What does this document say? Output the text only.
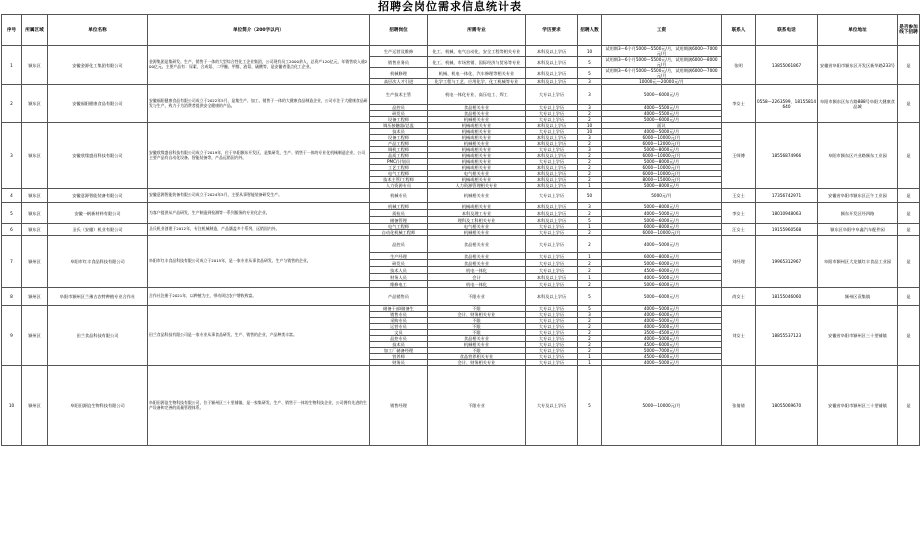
招聘会岗位需求信息统计表
序号	所属区域	单位名称	单位简介（200字以内）	招聘岗位	所需专业	学历要求	招聘人数	工资	联系人	联系电话	单位地址	是否参加线下招聘
1	颍东区	安徽金源化工集团有限公司	金源集团是集研发、生产、销售于一体的大型综合性化工企业集团，公司现有员工2000余人，总资产120亿元，年销售收入逾200亿元。主要产品有：尿素、合成氨、二甲醚、甲醇、液氨、硫酸等，是安徽省重点化工企业。	生产运营及维修	化工、机械、电气自动化、安全工程等相关专业	本科及以上学历	10	试用期3—6个月5000—5500元/月，试用期满6000—7000元/月	张明	13855061867	安徽省阜阳市颍东区开发区新华路233号	是
				销售业务员	化工、机械、市场营销、国际经济与贸易等专业	本科及以上学历	5	试用期3—6个月5000—5500元/月，试用期满6000—8000元/月				
				机械修理	机械、机电一体化、汽车修理等相关专业	本科及以上学历	5	试用期3—6个月5000—5500元/月，试用期满6000—7000元/月				
				高层次人才引进	化学工程与工艺、应用化学、化工机械等专业	本科及以上学历	3	10000元—20000元/月				
2	颍东区	安徽福阳健康食品有限公司	安徽福阳健康食品有限公司成立于2022年5月，是集生产、加工、销售于一体的大健康食品制造企业，公司专注于大健康食品研发与生产，致力于为消费者提供安全健康的产品。	生产技术主管	机电一体化专业、高压电工、焊工	大专以上学历	3	5000—6000元/月	李女士	0558—2263599、18155814640	阜阳市颍东区东方路888号阜阳大健康食品城	是
				品控员	食品相关专业	大专以上学历	3	4000—5500元/月				
				研发员	食品相关专业	大专以上学历	2	4000—5500元/月				
				设备工程师	机械相关专业	大专以上学历	2	5000—6000元/月				
3	颍东区	安徽欣缘盛昌科技有限公司	安徽欣缘盛昌科技有限公司成立于2019年，位于阜阳颍东开发区，是集研发、生产、销售于一体的专业化机械制造企业，公司主要产品有自动化设备、智能装备等，产品远销国内外。	调压接触器/总监	机械或相关专业	本科及以上学历	10	面议	王师傅	18556874966	阜阳市颍东区兴业路颍东工业园	是
				技术员	机械或相关专业	大专以上学历	10	4000—5000元/月				
				设备工程师	机械或相关专业	本科及以上学历	3	6000—10000元/月				
				产品工程师	机械相关专业	本科及以上学历	2	6000—12000元/月				
				调机工程师	机械或相关专业	大专以上学历	3	5000—8000元/月				
				品质工程师	机械或相关专业	本科及以上学历	2	6000—10000元/月				
				PMC/计划员	机械或相关专业	大专以上学历	2	5000—8000元/月				
				工艺工程师	机械或相关专业	本科及以上学历	2	6000—10000元/月				
				电气工程师	电气相关专业	本科及以上学历	2	6000—10000元/月				
				技术主管/工程师	机械或相关专业	本科及以上学历	2	8000—15000元/月				
				人力资源专员	人力资源管理相关专业	本科及以上学历	1	5000—8000元/月				
4	颍东区	安徽意源智能装备有限公司	安徽意源智能装备有限公司成立于2024年5月，主要从事智能装备研发生产。	机械专员	机械相关专业	大专以上学历	50	5000元/月	王女士	17356742971	安徽省阜阳市颍东区正午工业园	是
5	颍东区	安徽一帆新材料有限公司	为客户提供从产品研发、生产制造到检测等一系列服务的专业化企业。	机械工程师	机械或相关专业	本科及以上学历	3	5000—8000元/月	李女士	18010948063	颍东开发区经四路	是
				质检员	本科及理工专业	本科及以上学历	2	4000—5000元/月				
				储备管理	理科及工科相关专业	本科及以上学历	5	5000—6000元/月				
6	颍东区	圣氏（安徽）机业有限公司	圣氏机业创建于2012年，专注机械制造，产品涵盖多个系列，远销国内外。	电气工程师	电气相关专业	大专以上学历	1	6000—8000元/月	汪女士	19155960568	颍东区阜阳中阜鑫汽车配件园	是
				自动化机械工程师	机械相关专业	大专以上学历	2	6000—10000元/月				
7	颍州区	阜阳市红丰食品科技有限公司	阜阳市红丰食品科技有限公司成立于2015年，是一家专业从事食品研发、生产与销售的企业。	品控员	食品相关专业	大专以上学历	2	4000—5000元/月	刘经理	19965312967	阜阳市颍州区大龙镇红丰食品工业园	是
				生产经理	食品相关专业	大专以上学历	1	6000—8000元/月				
				研发员	食品相关专业	大专以上学历	2	5000—6000元/月				
				技术人员	机电一体化	大专以上学历	2	4500—6000元/月				
				财务人员	会计	本科及以上学历	1	4000—5000元/月				
				维修电工	机电一体化	大专以上学历	2	5000—6000元/月				
8	颍州区	阜阳市颍州区兰豫古农特种植专业合作社	合作社注册于2021年，以种植为主，带动周边农户增收致富。	产品销售员	不限专业	本科及以上学历	5	5000—6000元/月	尚女士	18155046060	颍州区袁集镇	是
9	颍州区	田兰食品科技有限公司	田兰食品科技有限公司是一家专业从事食品研发、生产、销售的企业，产品种类丰富。	储备干部/储备生	不限	大专以上学历	5	4000—5000元/月	刘女士	18855537123	安徽省阜阳市颍州区三十里铺镇	是
				销售专员	会计、财务相关专业	大专以上学历	3	4000—6000元/月				
				采购专员	不限	大专以上学历	2	4000—5000元/月				
				运营专员	不限	大专以上学历	2	4000—5000元/月				
				文员	不限	大专以上学历	2	3500—4500元/月				
				品控专员	食品相关专业	大专以上学历	2	4000—5000元/月				
				技术员	机械相关专业	大专以上学历	2	4500—6000元/月				
				加工厂储备经理	不限	大专以上学历	2	5000—7000元/月				
				营养师	食品营养相关专业	大专以上学历	1	4500—6000元/月				
				财务员	会计、财务相关专业	大专以上学历	1	4000—5000元/月				
10	颍州区	阜阳田源谊生物科技有限公司	阜阳田源谊生物科技有限公司，位于颍州区三十里铺镇，是一家集研发、生产、销售于一体的生物科技企业，公司拥有先进的生产设备和完善的质量管理体系。	销售经理	不限专业	大专及以上学历	5	5000—10000元/月	张倩倩	18055069670	安徽省阜阳市颍州区三十里铺镇	是
